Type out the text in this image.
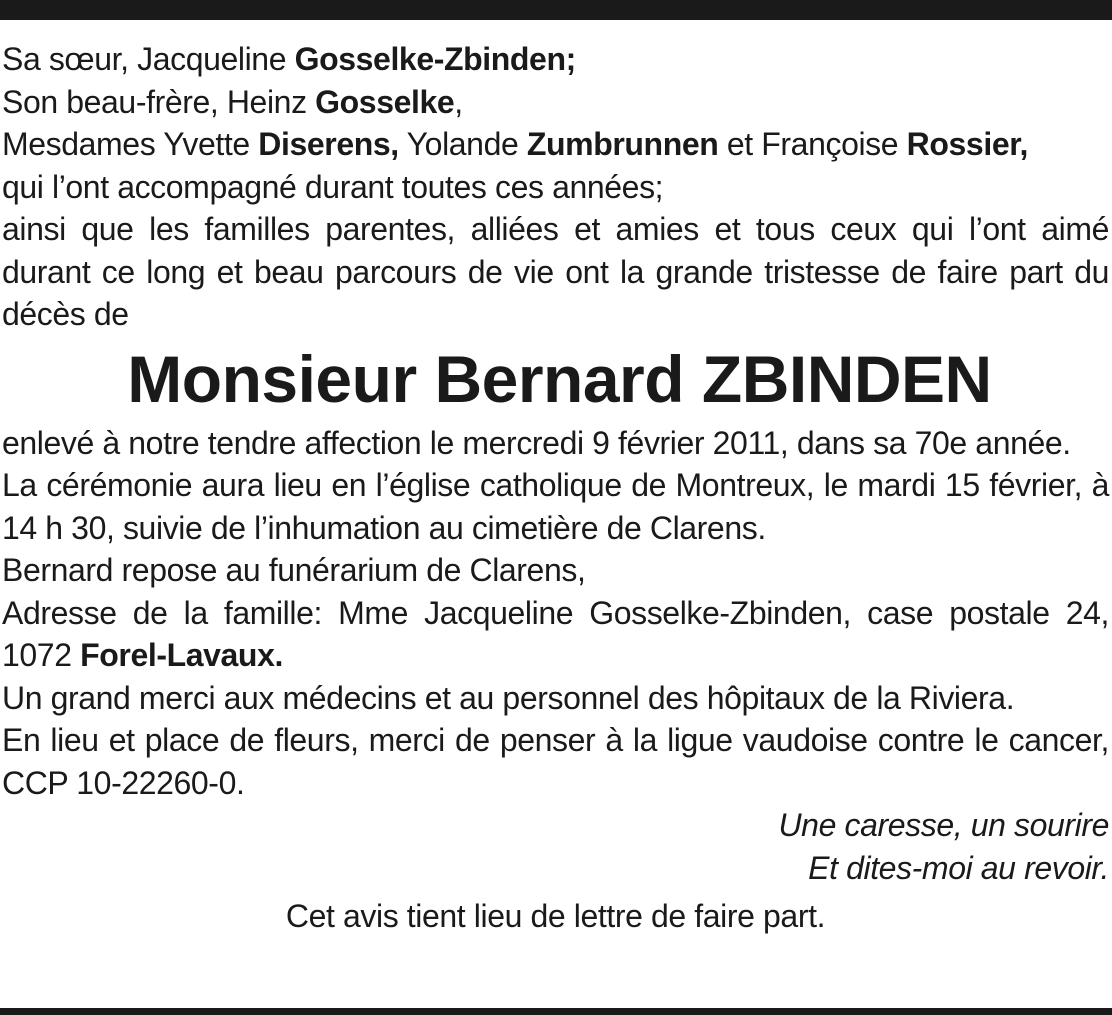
Sa sœur, Jacqueline Gosselke-Zbinden;

Son beau-frère, Heinz Gosselke,

Mesdames Yvette Diserens, Yolande Zumbrunnen et Françoise Rossier,

qui l’ont accompagné durant toutes ces années;

ainsi que les familles parentes, alliées et amies et tous ceux qui l’ont aimé durant ce long et beau parcours de vie ont la grande tristesse de faire part du décès de

Monsieur Bernard ZBINDEN

enlevé à notre tendre affection le mercredi 9 février 2011, dans sa 70e année.

La cérémonie aura lieu en l’église catholique de Montreux, le mardi 15 février, à 14 h 30, suivie de l’inhumation au cimetière de Clarens.

Bernard repose au funérarium de Clarens,

Adresse de la famille: Mme Jacqueline Gosselke-Zbinden, case postale 24, 1072 Forel-Lavaux.

Un grand merci aux médecins et au personnel des hôpitaux de la Riviera.

En lieu et place de fleurs, merci de penser à la ligue vaudoise contre le cancer, CCP 10-22260-0.

Une caresse, un sourire

Et dites-moi au revoir.

Cet avis tient lieu de lettre de faire part.
